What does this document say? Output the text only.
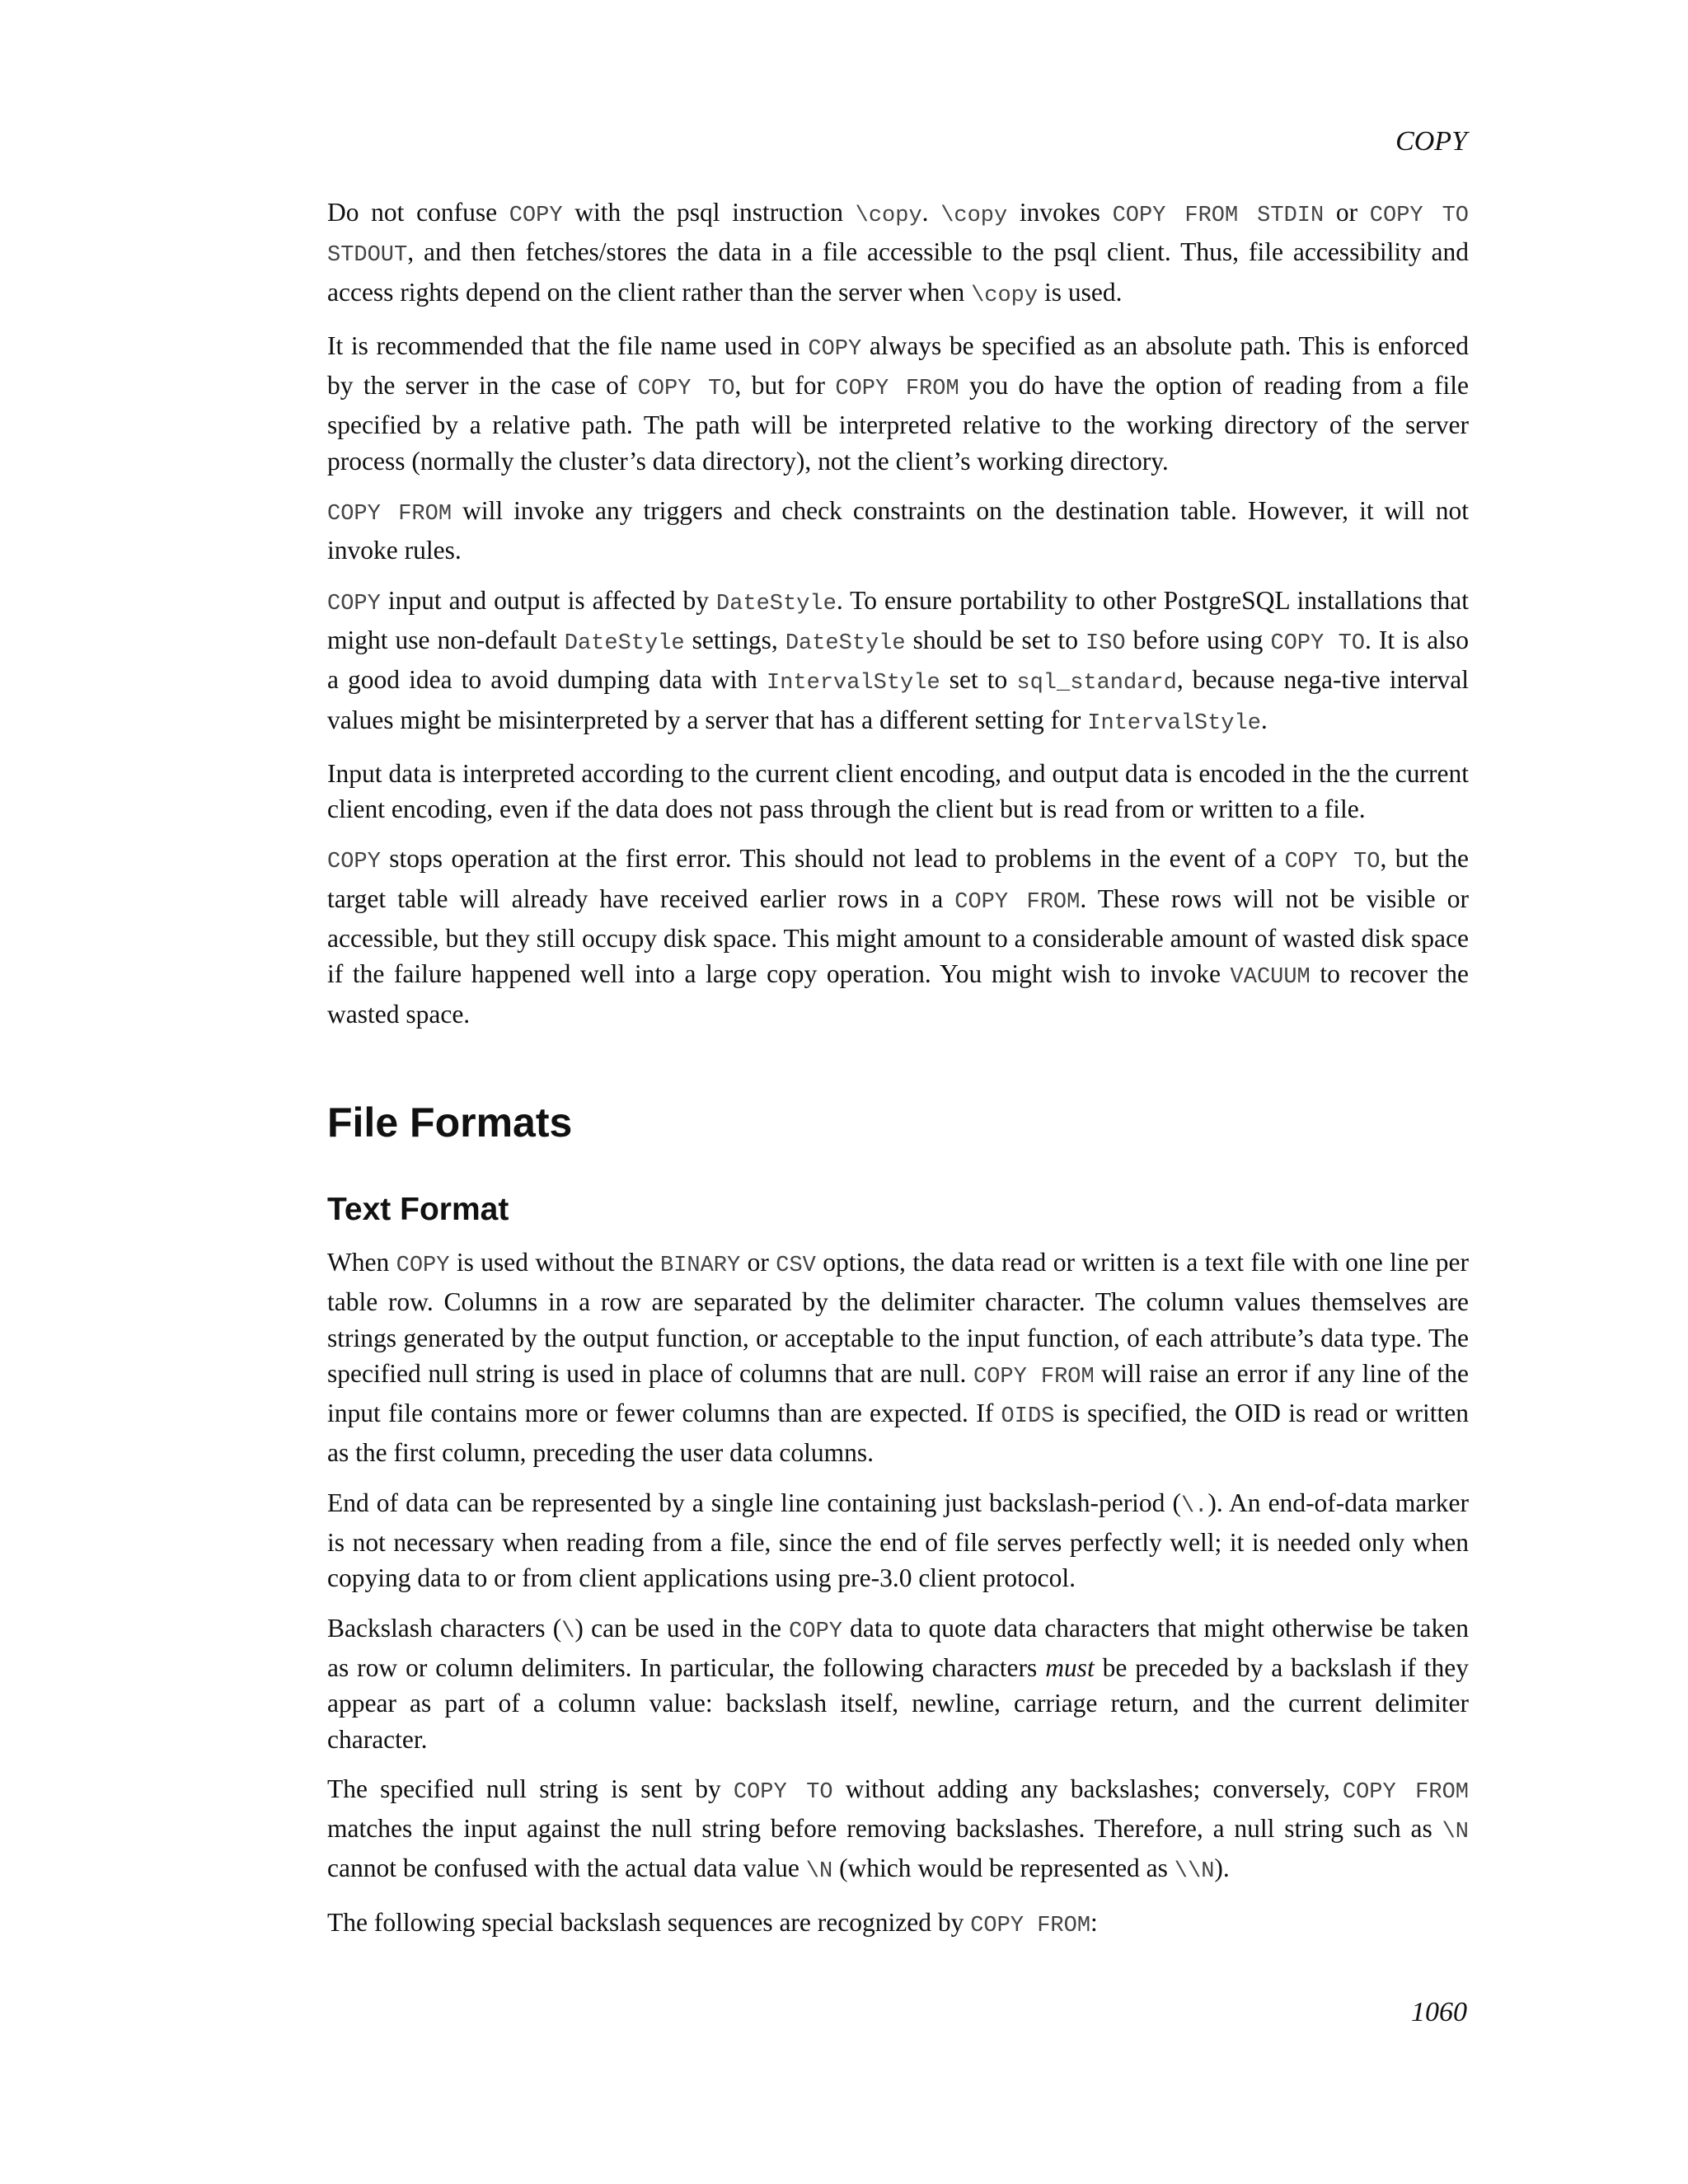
COPY

Do not confuse COPY with the psql instruction \copy. \copy invokes COPY FROM STDIN or COPY TO STDOUT, and then fetches/stores the data in a file accessible to the psql client. Thus, file accessibility and access rights depend on the client rather than the server when \copy is used.

It is recommended that the file name used in COPY always be specified as an absolute path. This is enforced by the server in the case of COPY TO, but for COPY FROM you do have the option of reading from a file specified by a relative path. The path will be interpreted relative to the working directory of the server process (normally the cluster’s data directory), not the client’s working directory.

COPY FROM will invoke any triggers and check constraints on the destination table. However, it will not invoke rules.

COPY input and output is affected by DateStyle. To ensure portability to other PostgreSQL installations that might use non-default DateStyle settings, DateStyle should be set to ISO before using COPY TO. It is also a good idea to avoid dumping data with IntervalStyle set to sql_standard, because nega-tive interval values might be misinterpreted by a server that has a different setting for IntervalStyle.

Input data is interpreted according to the current client encoding, and output data is encoded in the the current client encoding, even if the data does not pass through the client but is read from or written to a file.

COPY stops operation at the first error. This should not lead to problems in the event of a COPY TO, but the target table will already have received earlier rows in a COPY FROM. These rows will not be visible or accessible, but they still occupy disk space. This might amount to a considerable amount of wasted disk space if the failure happened well into a large copy operation. You might wish to invoke VACUUM to recover the wasted space.

File Formats
Text Format

When COPY is used without the BINARY or CSV options, the data read or written is a text file with one line per table row. Columns in a row are separated by the delimiter character. The column values themselves are strings generated by the output function, or acceptable to the input function, of each attribute’s data type. The specified null string is used in place of columns that are null. COPY FROM will raise an error if any line of the input file contains more or fewer columns than are expected. If OIDS is specified, the OID is read or written as the first column, preceding the user data columns.

End of data can be represented by a single line containing just backslash-period (\.). An end-of-data marker is not necessary when reading from a file, since the end of file serves perfectly well; it is needed only when copying data to or from client applications using pre-3.0 client protocol.

Backslash characters (\) can be used in the COPY data to quote data characters that might otherwise be taken as row or column delimiters. In particular, the following characters must be preceded by a backslash if they appear as part of a column value: backslash itself, newline, carriage return, and the current delimiter character.

The specified null string is sent by COPY TO without adding any backslashes; conversely, COPY FROM matches the input against the null string before removing backslashes. Therefore, a null string such as \N cannot be confused with the actual data value \N (which would be represented as \\N).

The following special backslash sequences are recognized by COPY FROM:

1060
